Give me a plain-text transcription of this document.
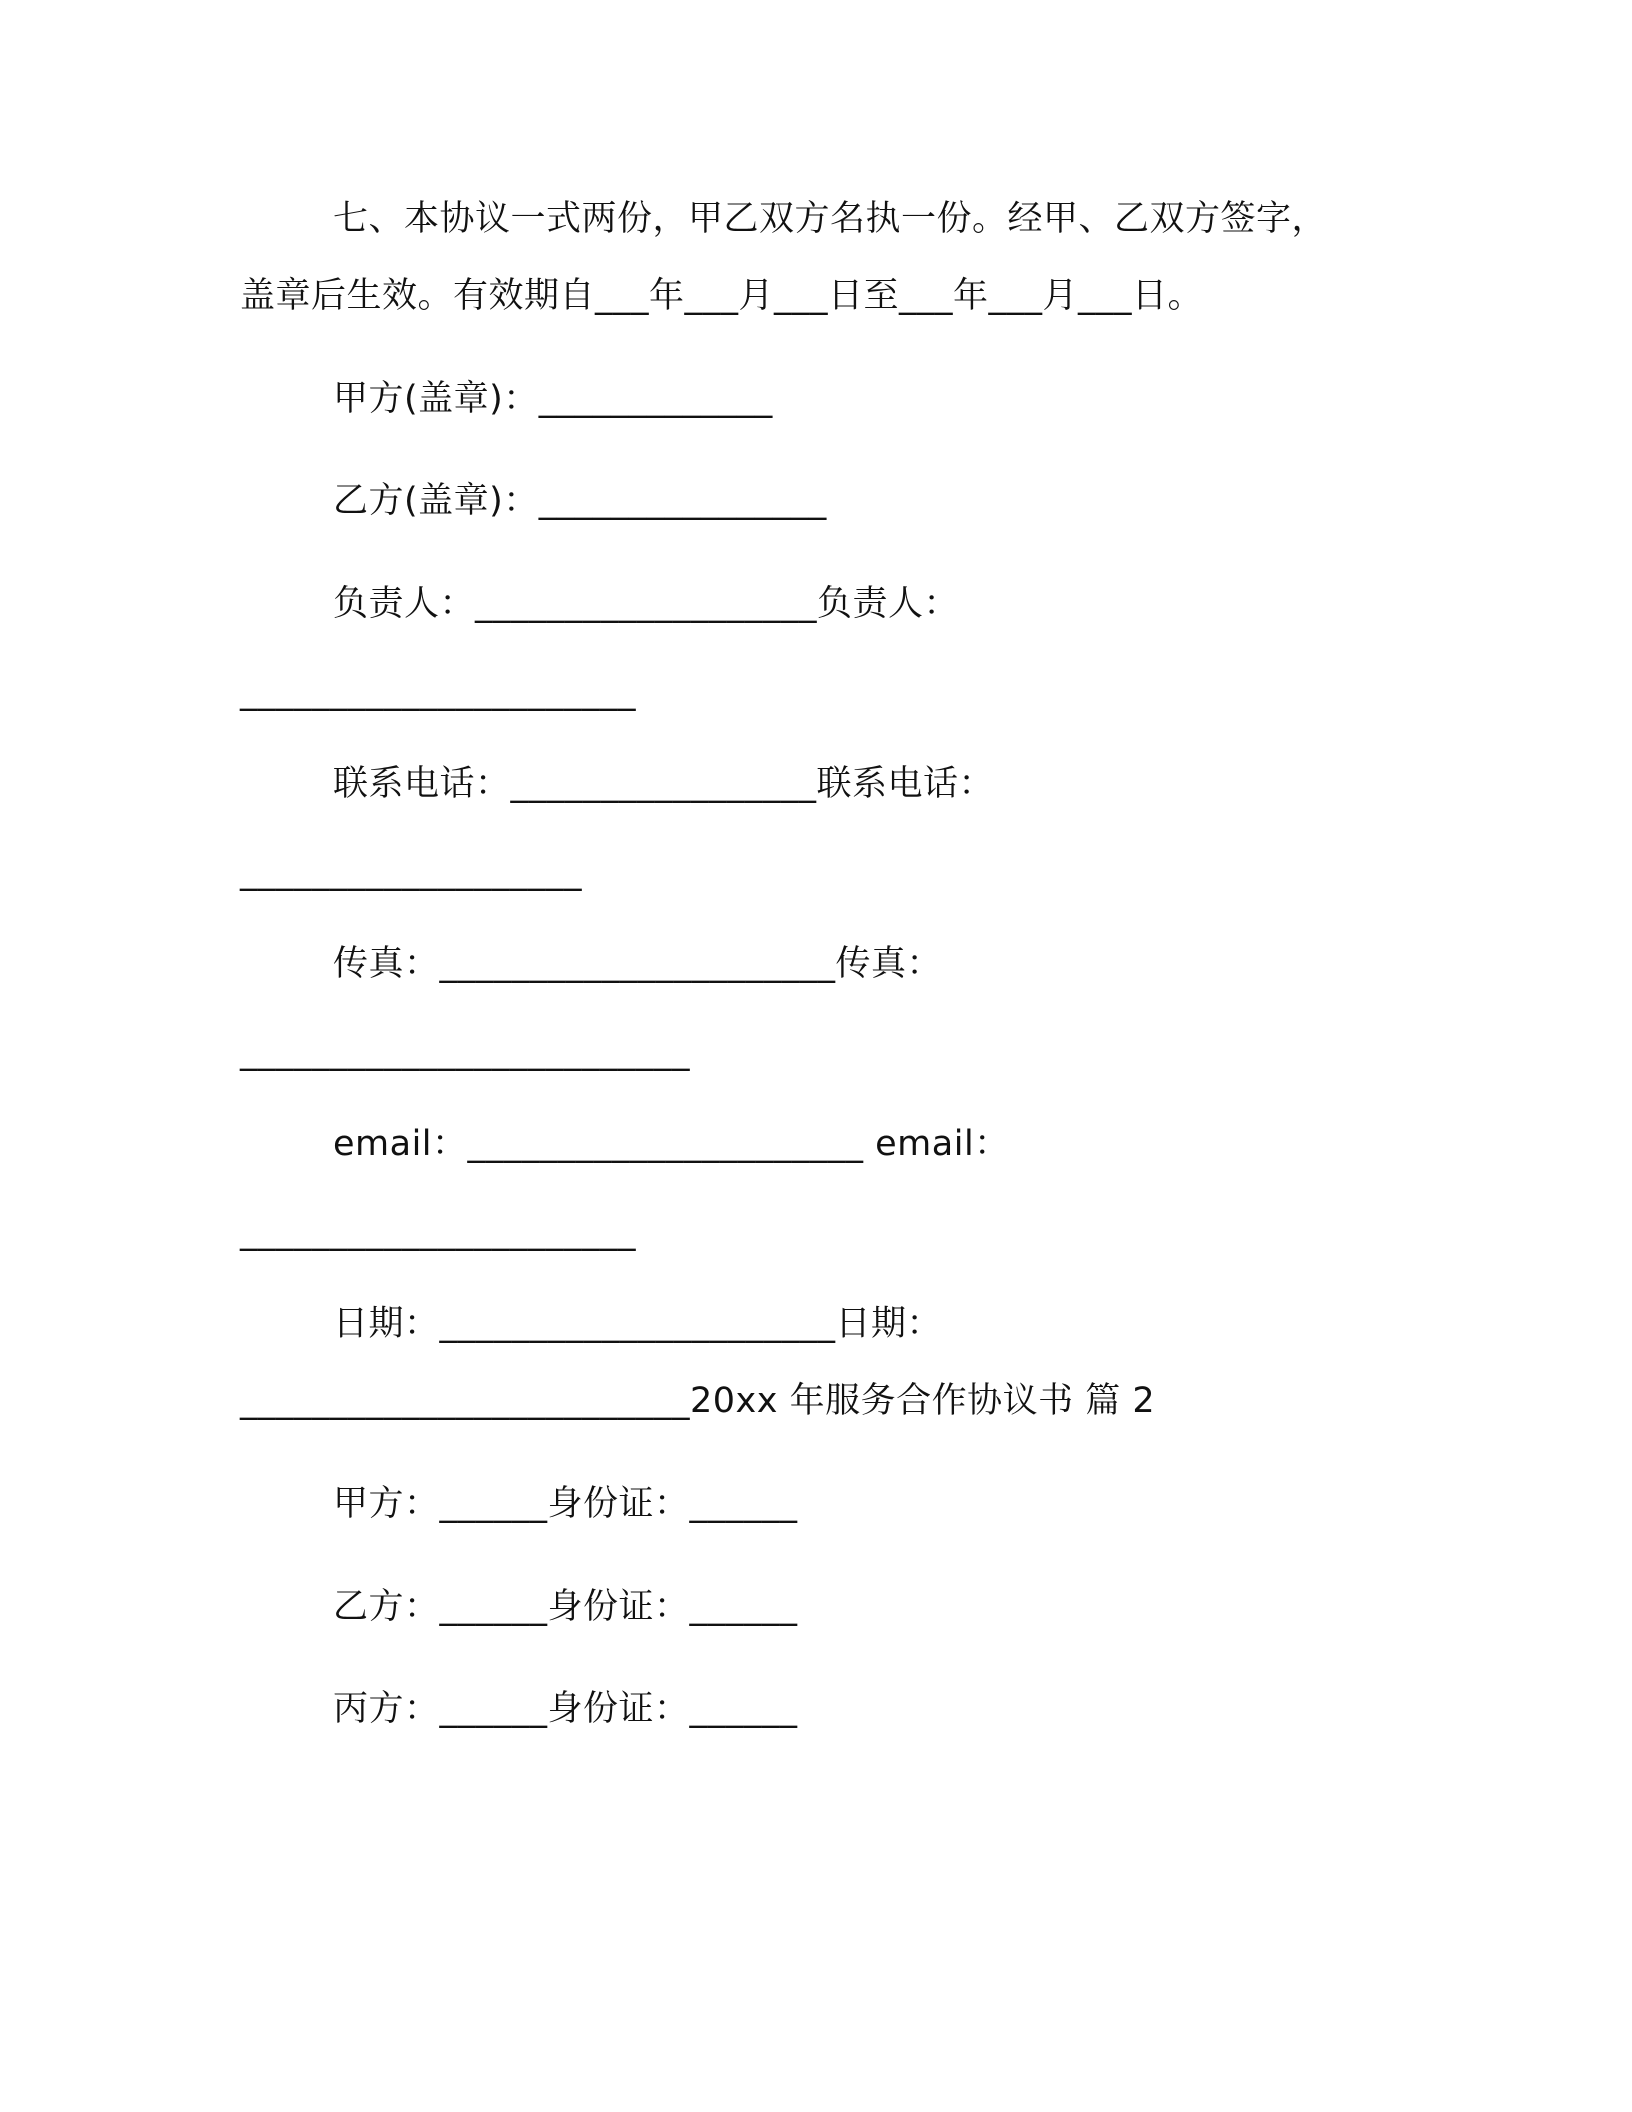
七、本协议一式两份，甲乙双方名执一份。经甲、乙双方签字，
盖章后生效。有效期自___年___月___日至___年___月___日。
甲方(盖章)：_____________
乙方(盖章)：________________
负责人：___________________负责人：
______________________
联系电话：_________________联系电话：
___________________
传真：______________________传真：
_________________________
email：______________________ email：
______________________
日期：______________________日期：
_________________________20xx 年服务合作协议书 篇 2
甲方：______身份证：______
乙方：______身份证：______
丙方：______身份证：______
